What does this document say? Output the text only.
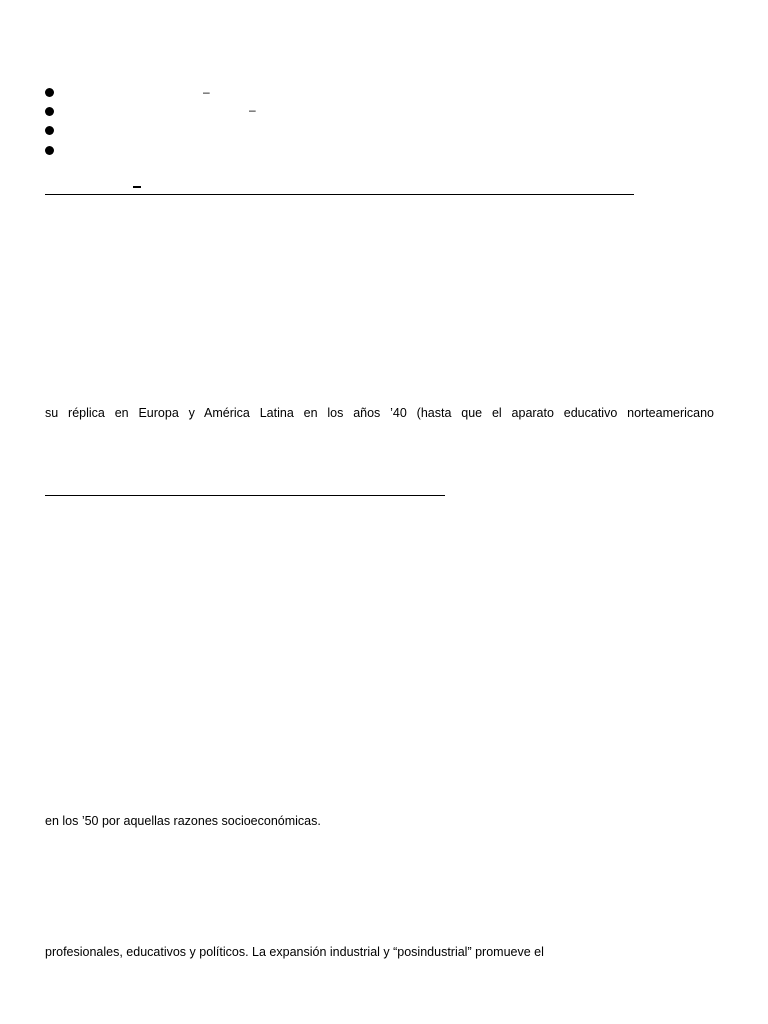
–
–
su réplica en Europa y América Latina en los años ’40 (hasta que el aparato educativo norteamericano
en los ’50 por aquellas razones socioeconómicas.
profesionales, educativos y políticos. La expansión industrial y “posindustrial” promueve el
